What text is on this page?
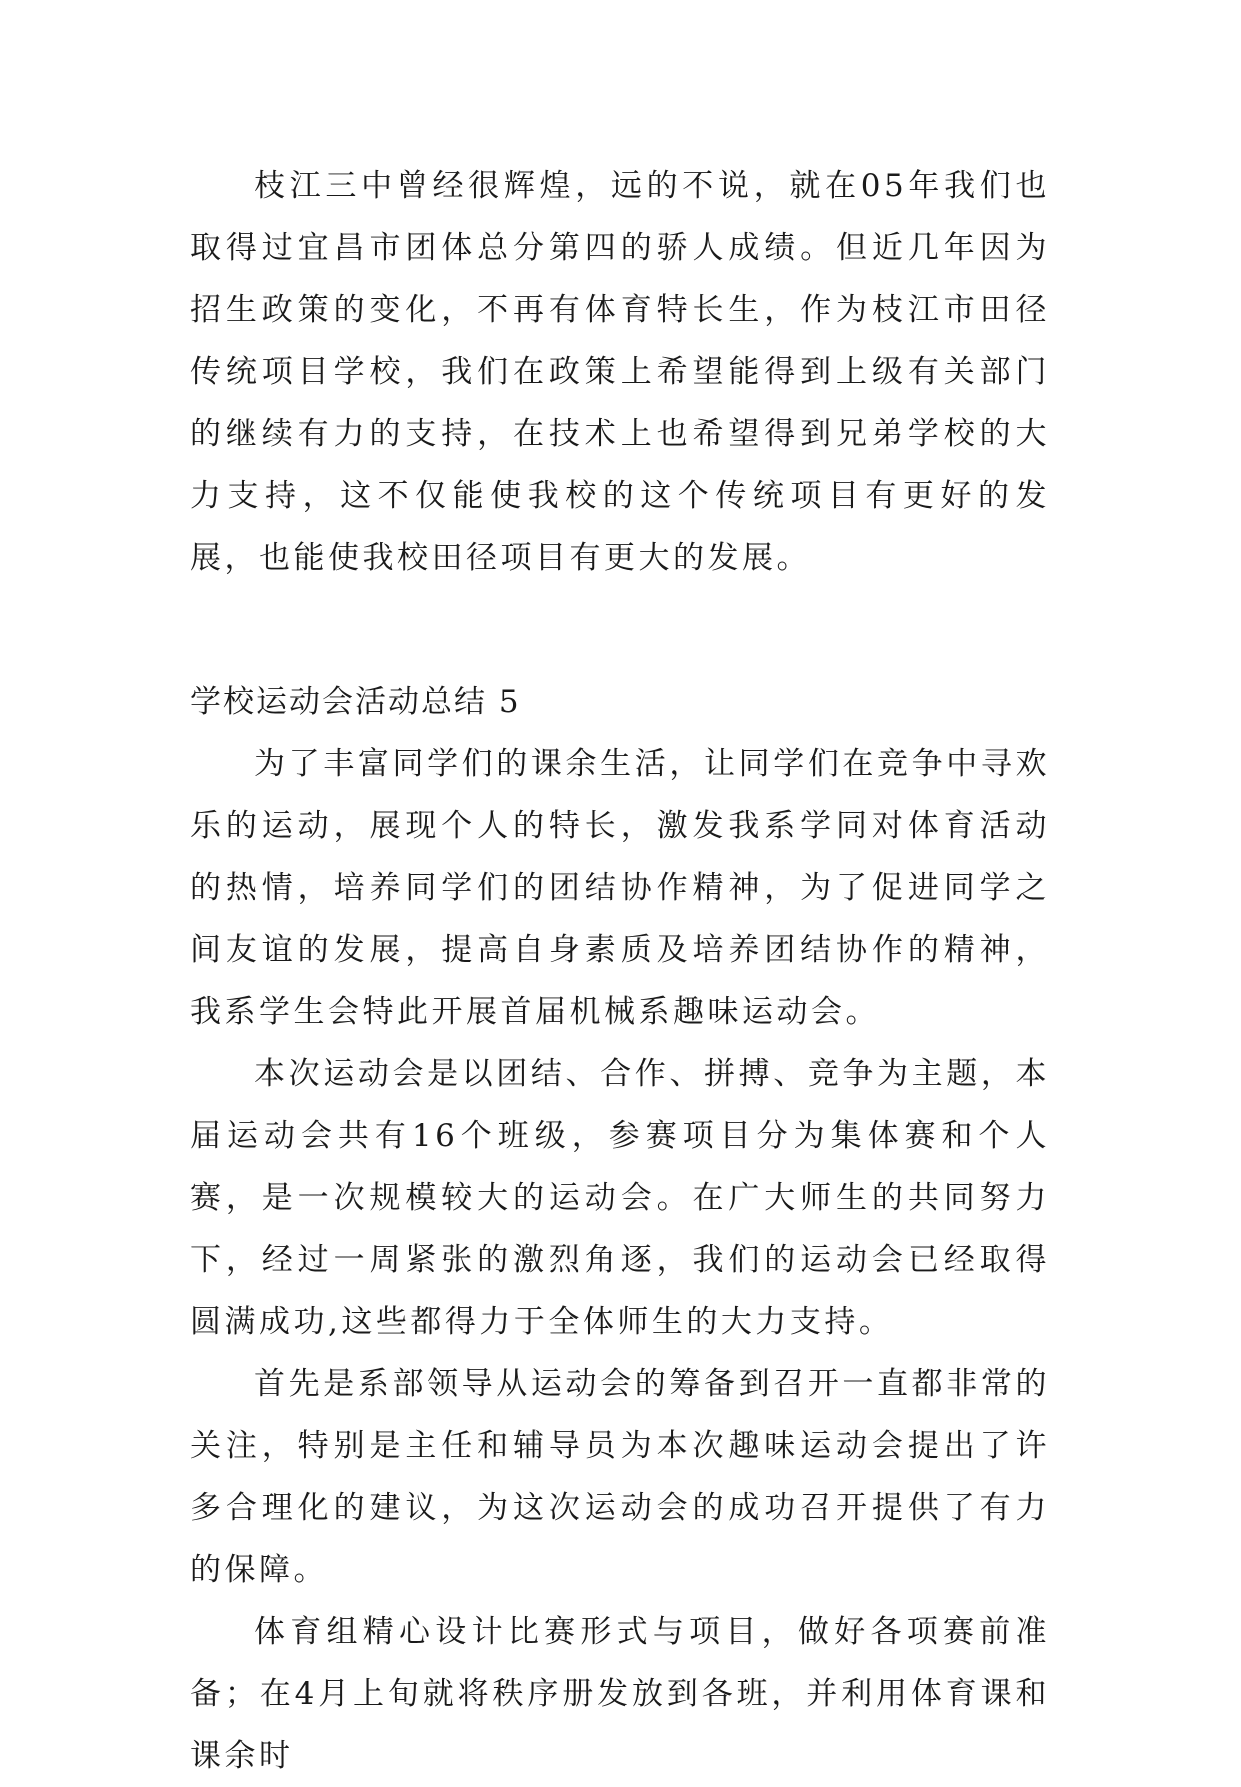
枝江三中曾经很辉煌，远的不说，就在05年我们也取得过宜昌市团体总分第四的骄人成绩。但近几年因为招生政策的变化，不再有体育特长生，作为枝江市田径传统项目学校，我们在政策上希望能得到上级有关部门的继续有力的支持，在技术上也希望得到兄弟学校的大力支持，这不仅能使我校的这个传统项目有更好的发展，也能使我校田径项目有更大的发展。

学校运动会活动总结 5

为了丰富同学们的课余生活，让同学们在竞争中寻欢乐的运动，展现个人的特长，激发我系学同对体育活动的热情，培养同学们的团结协作精神，为了促进同学之间友谊的发展，提高自身素质及培养团结协作的精神，我系学生会特此开展首届机械系趣味运动会。

本次运动会是以团结、合作、拼搏、竞争为主题，本届运动会共有16个班级，参赛项目分为集体赛和个人赛，是一次规模较大的运动会。在广大师生的共同努力下，经过一周紧张的激烈角逐，我们的运动会已经取得圆满成功,这些都得力于全体师生的大力支持。

首先是系部领导从运动会的筹备到召开一直都非常的关注，特别是主任和辅导员为本次趣味运动会提出了许多合理化的建议，为这次运动会的成功召开提供了有力的保障。

体育组精心设计比赛形式与项目，做好各项赛前准备；在4月上旬就将秩序册发放到各班，并利用体育课和课余时
